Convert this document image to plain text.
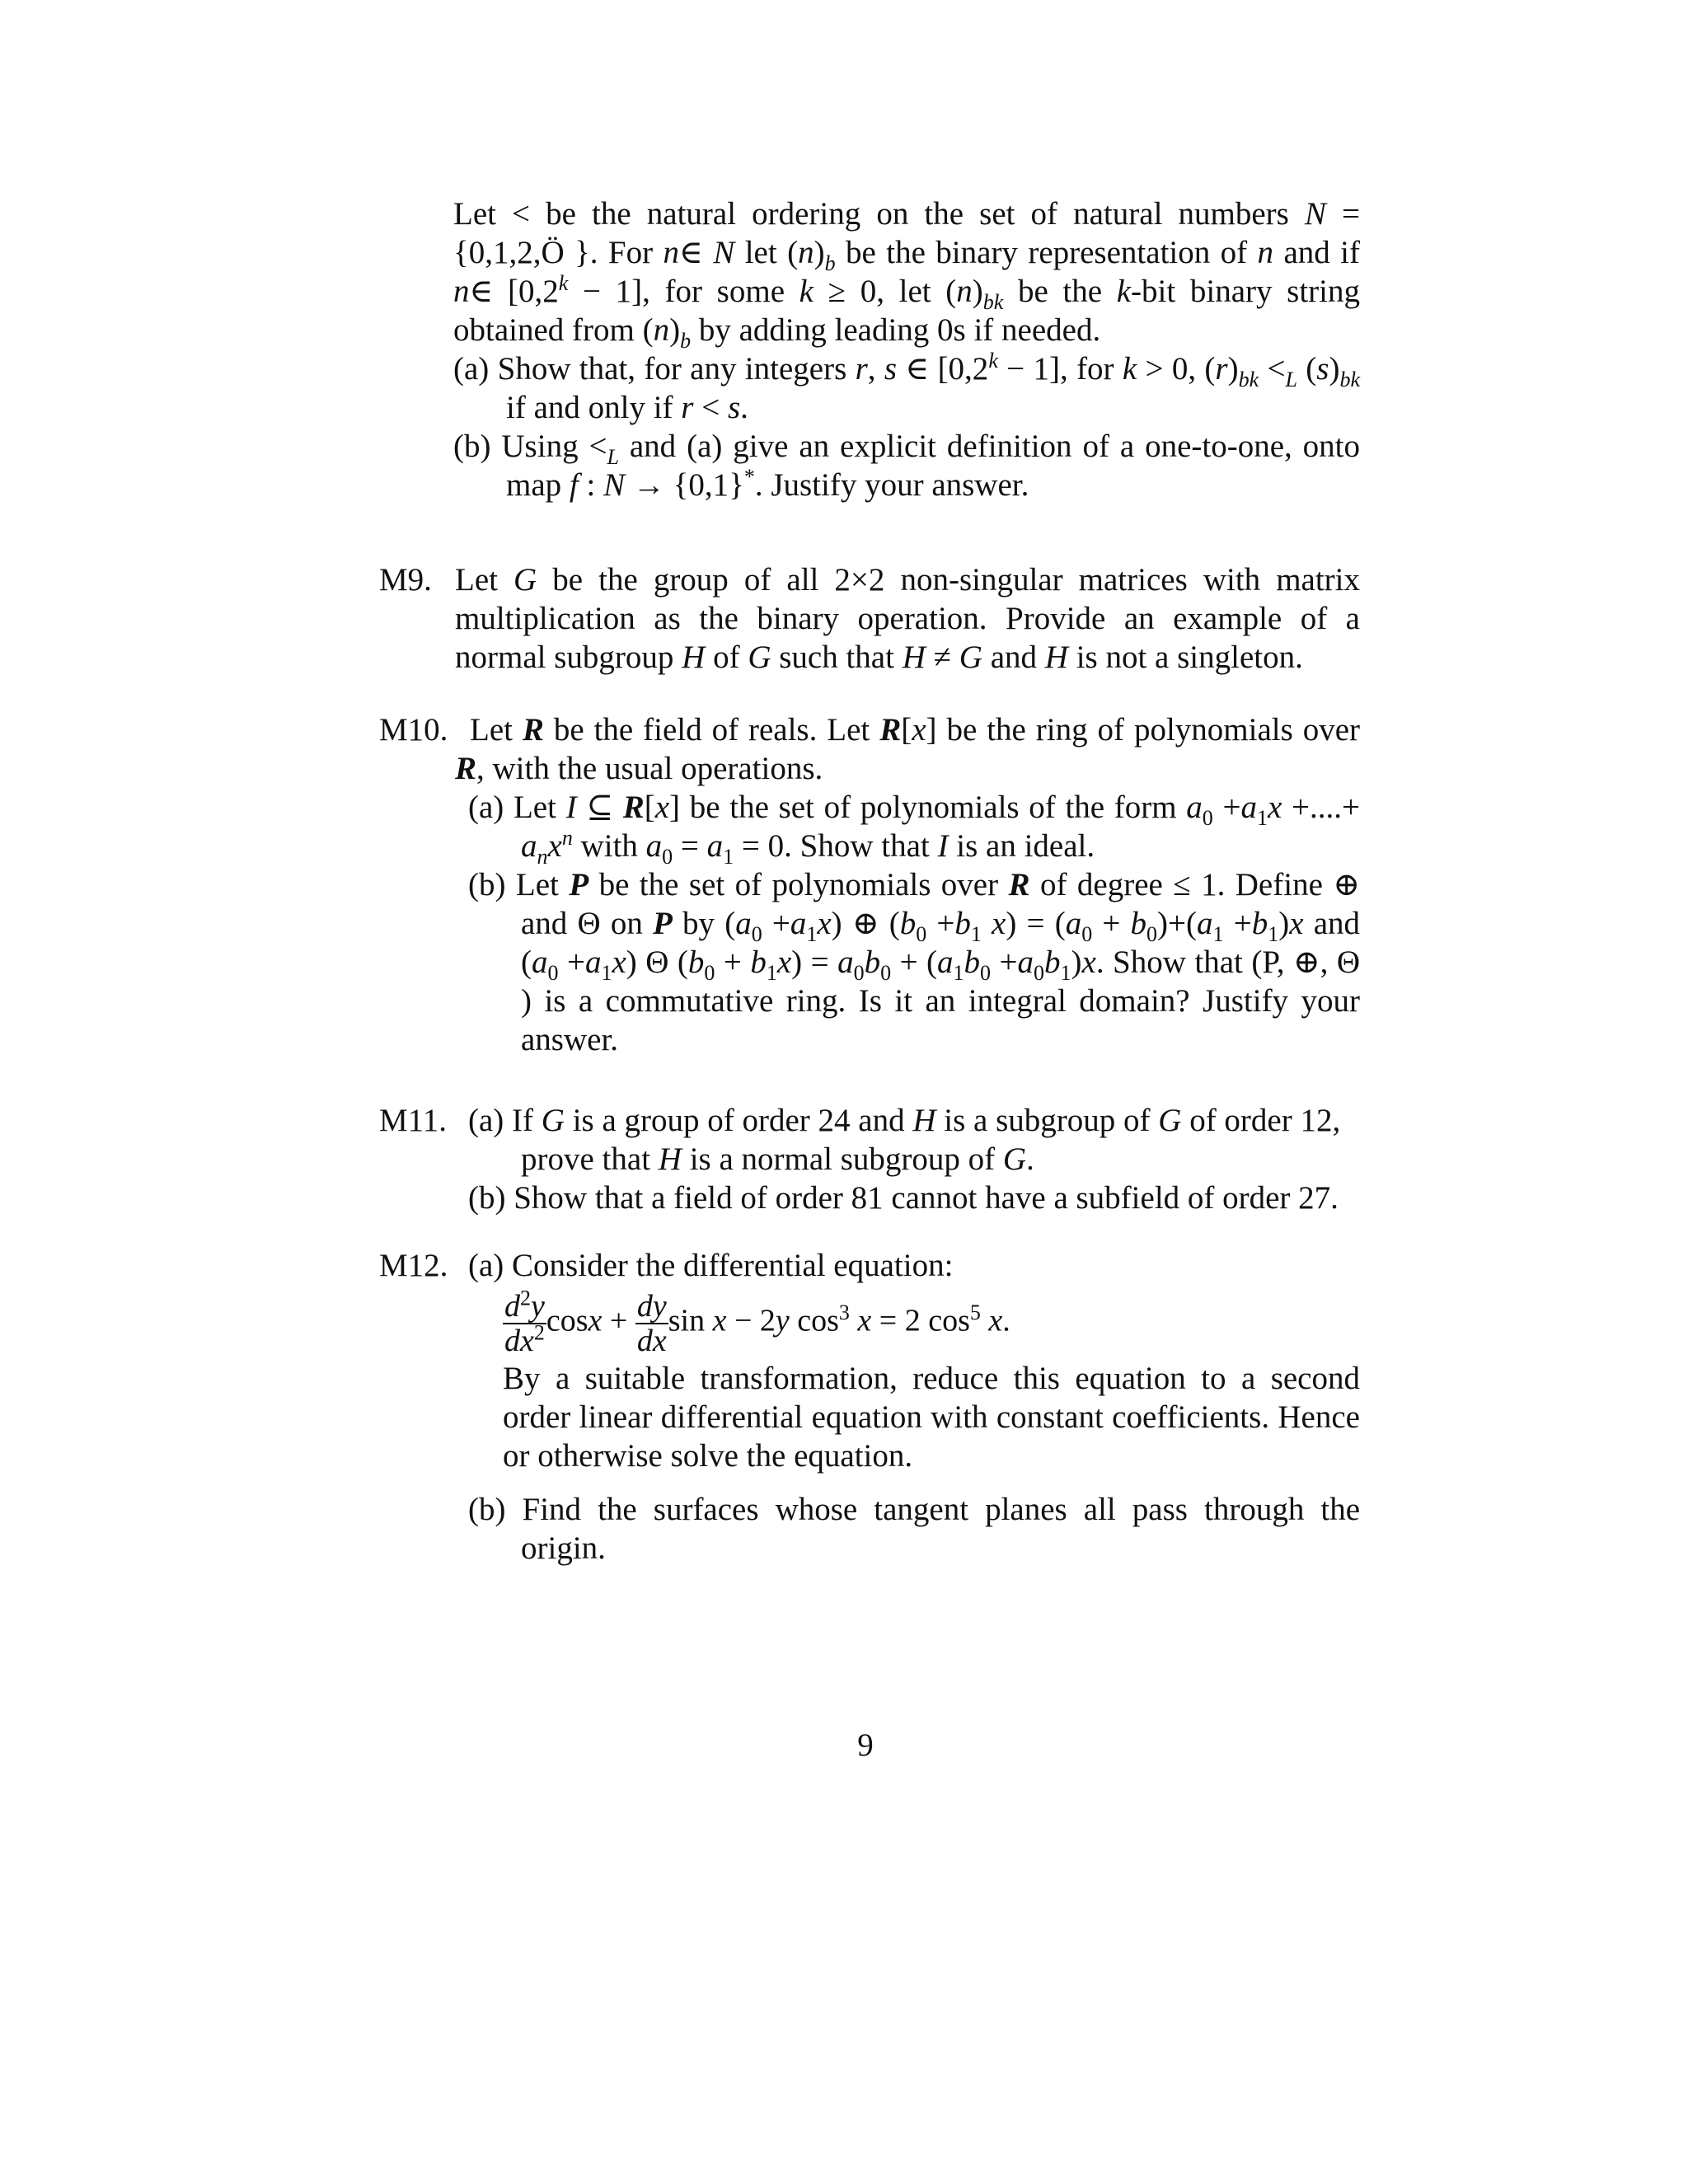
Let < be the natural ordering on the set of natural numbers N = {0,1,2,Ö }. For n∈ N let $(n)_b$ be the binary representation of n and if n∈ $[0,2^k - 1]$, for some k ≥ 0, let $(n)_{bk}$ be the k-bit binary string obtained from $(n)_b$ by adding leading 0s if needed.
(a) Show that, for any integers r, s ∈ $[0,2^k - 1]$, for k > 0, $(r)_{bk} <_L$ $(s)_{bk}$ if and only if r < s.
(b) $Using <_L$ and (a) give an explicit definition of a one-to-one, onto map f : N → {0,1}*. Justify your answer.
M9. Let G be the group of all 2×2 non-singular matrices with matrix multiplication as the binary operation. Provide an example of a normal subgroup H of G such that H ≠ G and H is not a singleton.
M10. Let R be the field of reals. Let R[x] be the ring of polynomials over R, with the usual operations.
(a) Let I ⊆ R[x] be the set of polynomials of the form $a_0 +a_1x$ +....+ $a_nx^n$ with $a_0 = a_1 = 0$. Show that I is an ideal.
(b) Let P be the set of polynomials over R of degree ≤ 1. Define ⊕ and Θ on P by $(a_0 +a_1x)$ ⊕ ($b_0 +b_1$ $x) = (a_0 + b_0)+(a_1 +b_1)x$ and $(a_0 +a_1x)$ Θ $(b_0 + b_1x) = a_0b_0 + (a_1b_0 +a_0b_1)x$. Show that (P, ⊕, Θ ) is a commutative ring. Is it an integral domain? Justify your answer.
M11. (a) If G is a group of order 24 and H is a subgroup of G of order 12,
prove that H is a normal subgroup of G.
(b) Show that a field of order 81 cannot have a subfield of order 27.
M12. (a) Consider the differential equation:
$\frac{d^2y}{dx^2}$ $\cos x + \frac{dy}{dx}$ sin x − 2y $\cos^3 x = 2$ $\cos^5 x$.
By a suitable transformation, reduce this equation to a second order linear differential equation with constant coefficients. Hence or otherwise solve the equation.
(b) Find the surfaces whose tangent planes all pass through the origin.
9
